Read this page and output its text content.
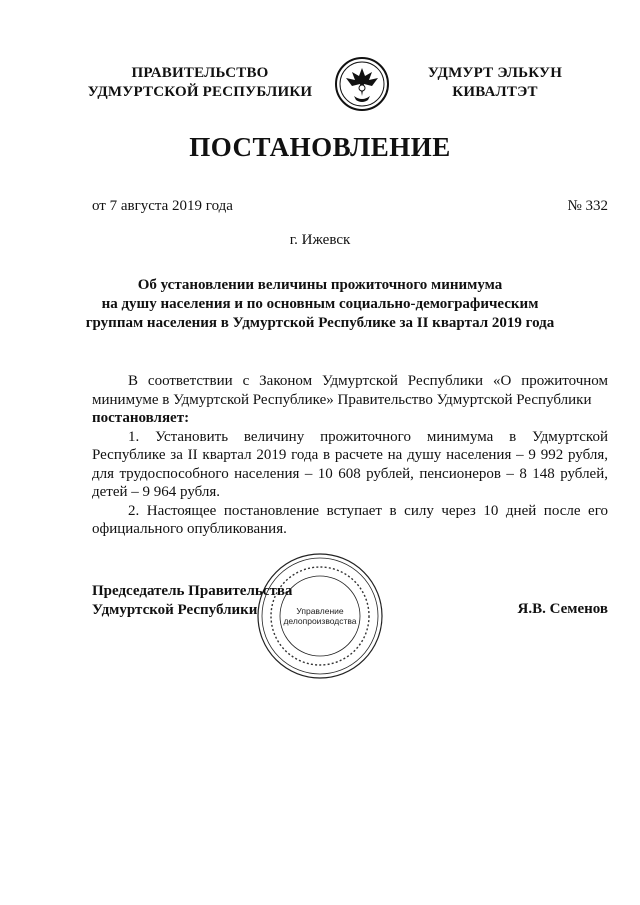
ПРАВИТЕЛЬСТВО
УДМУРТСКОЙ РЕСПУБЛИКИ
УДМУРТ ЭЛЬКУН
КИВАЛТЭТ
ПОСТАНОВЛЕНИЕ
от 7 августа 2019 года	№ 332
г. Ижевск
Об установлении величины прожиточного минимума
на душу населения и по основным социально-демографическим
группам населения в Удмуртской Республике за II квартал 2019 года

В соответствии с Законом Удмуртской Республики «О прожиточном минимуме в Удмуртской Республике» Правительство Удмуртской Республики

постановляет:

1. Установить величину прожиточного минимума в Удмуртской Республике за II квартал 2019 года в расчете на душу населения – 9 992 рубля, для трудоспособного населения – 10 608 рублей, пенсионеров – 8 148 рублей, детей – 9 964 рубля.

2. Настоящее постановление вступает в силу через 10 дней после его официального опубликования.

Управление
делопроизводства
Председатель Правительства
Удмуртской Республики	Я.В. Семенов
